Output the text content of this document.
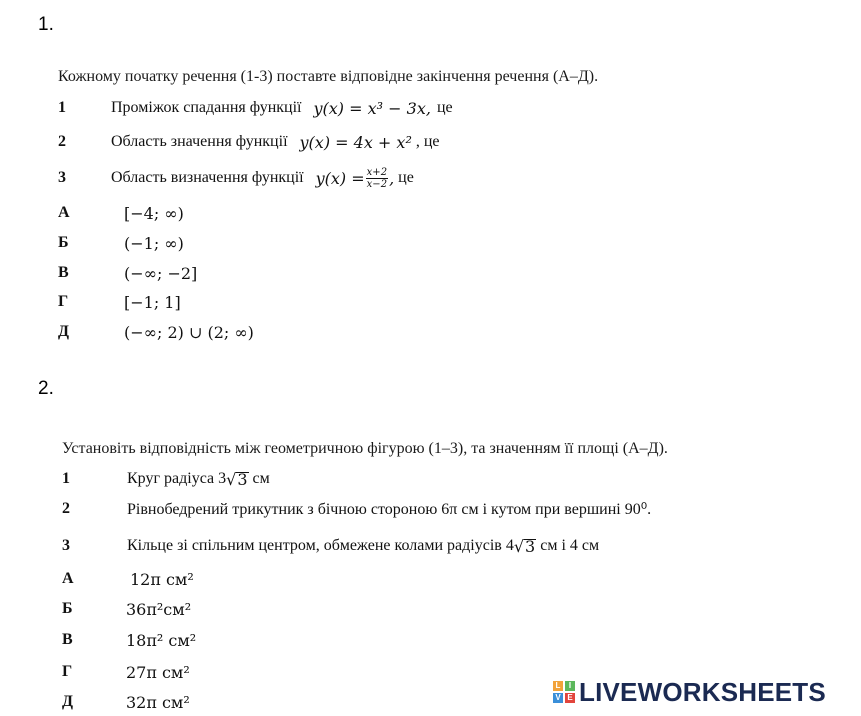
1.
Кожному початку речення (1-3) поставте відповідне закінчення речення (А–Д).
1	Проміжок спадання функції y(x) = x³ − 3x, це
2	Область значення функції y(x) = 4x + x² , це
3	Область визначення функції $y(x) = \frac{x+2}{x-2}$ , це
А	[−4; ∞)
Б	(−1; ∞)
В	(−∞; −2]
Г	[−1; 1]
Д	(−∞; 2) ∪ (2; ∞)
2.
Установіть відповідність між геометричною фігурою (1–3), та значенням її площі (А–Д).
1	Круг радіуса 3 √ 3 см
2	Рівнобедрений трикутник з бічною стороною 6π см і кутом при вершині 90⁰.
3	Кільце зі спільним центром, обмежене колами радіусів 4 √ 3 см і 4 см
А	12π см²
Б	36π²см²
В	18π² см²
Г	27π см²
Д	32π см²
L	I
V E LIVEWORKSHEETS
